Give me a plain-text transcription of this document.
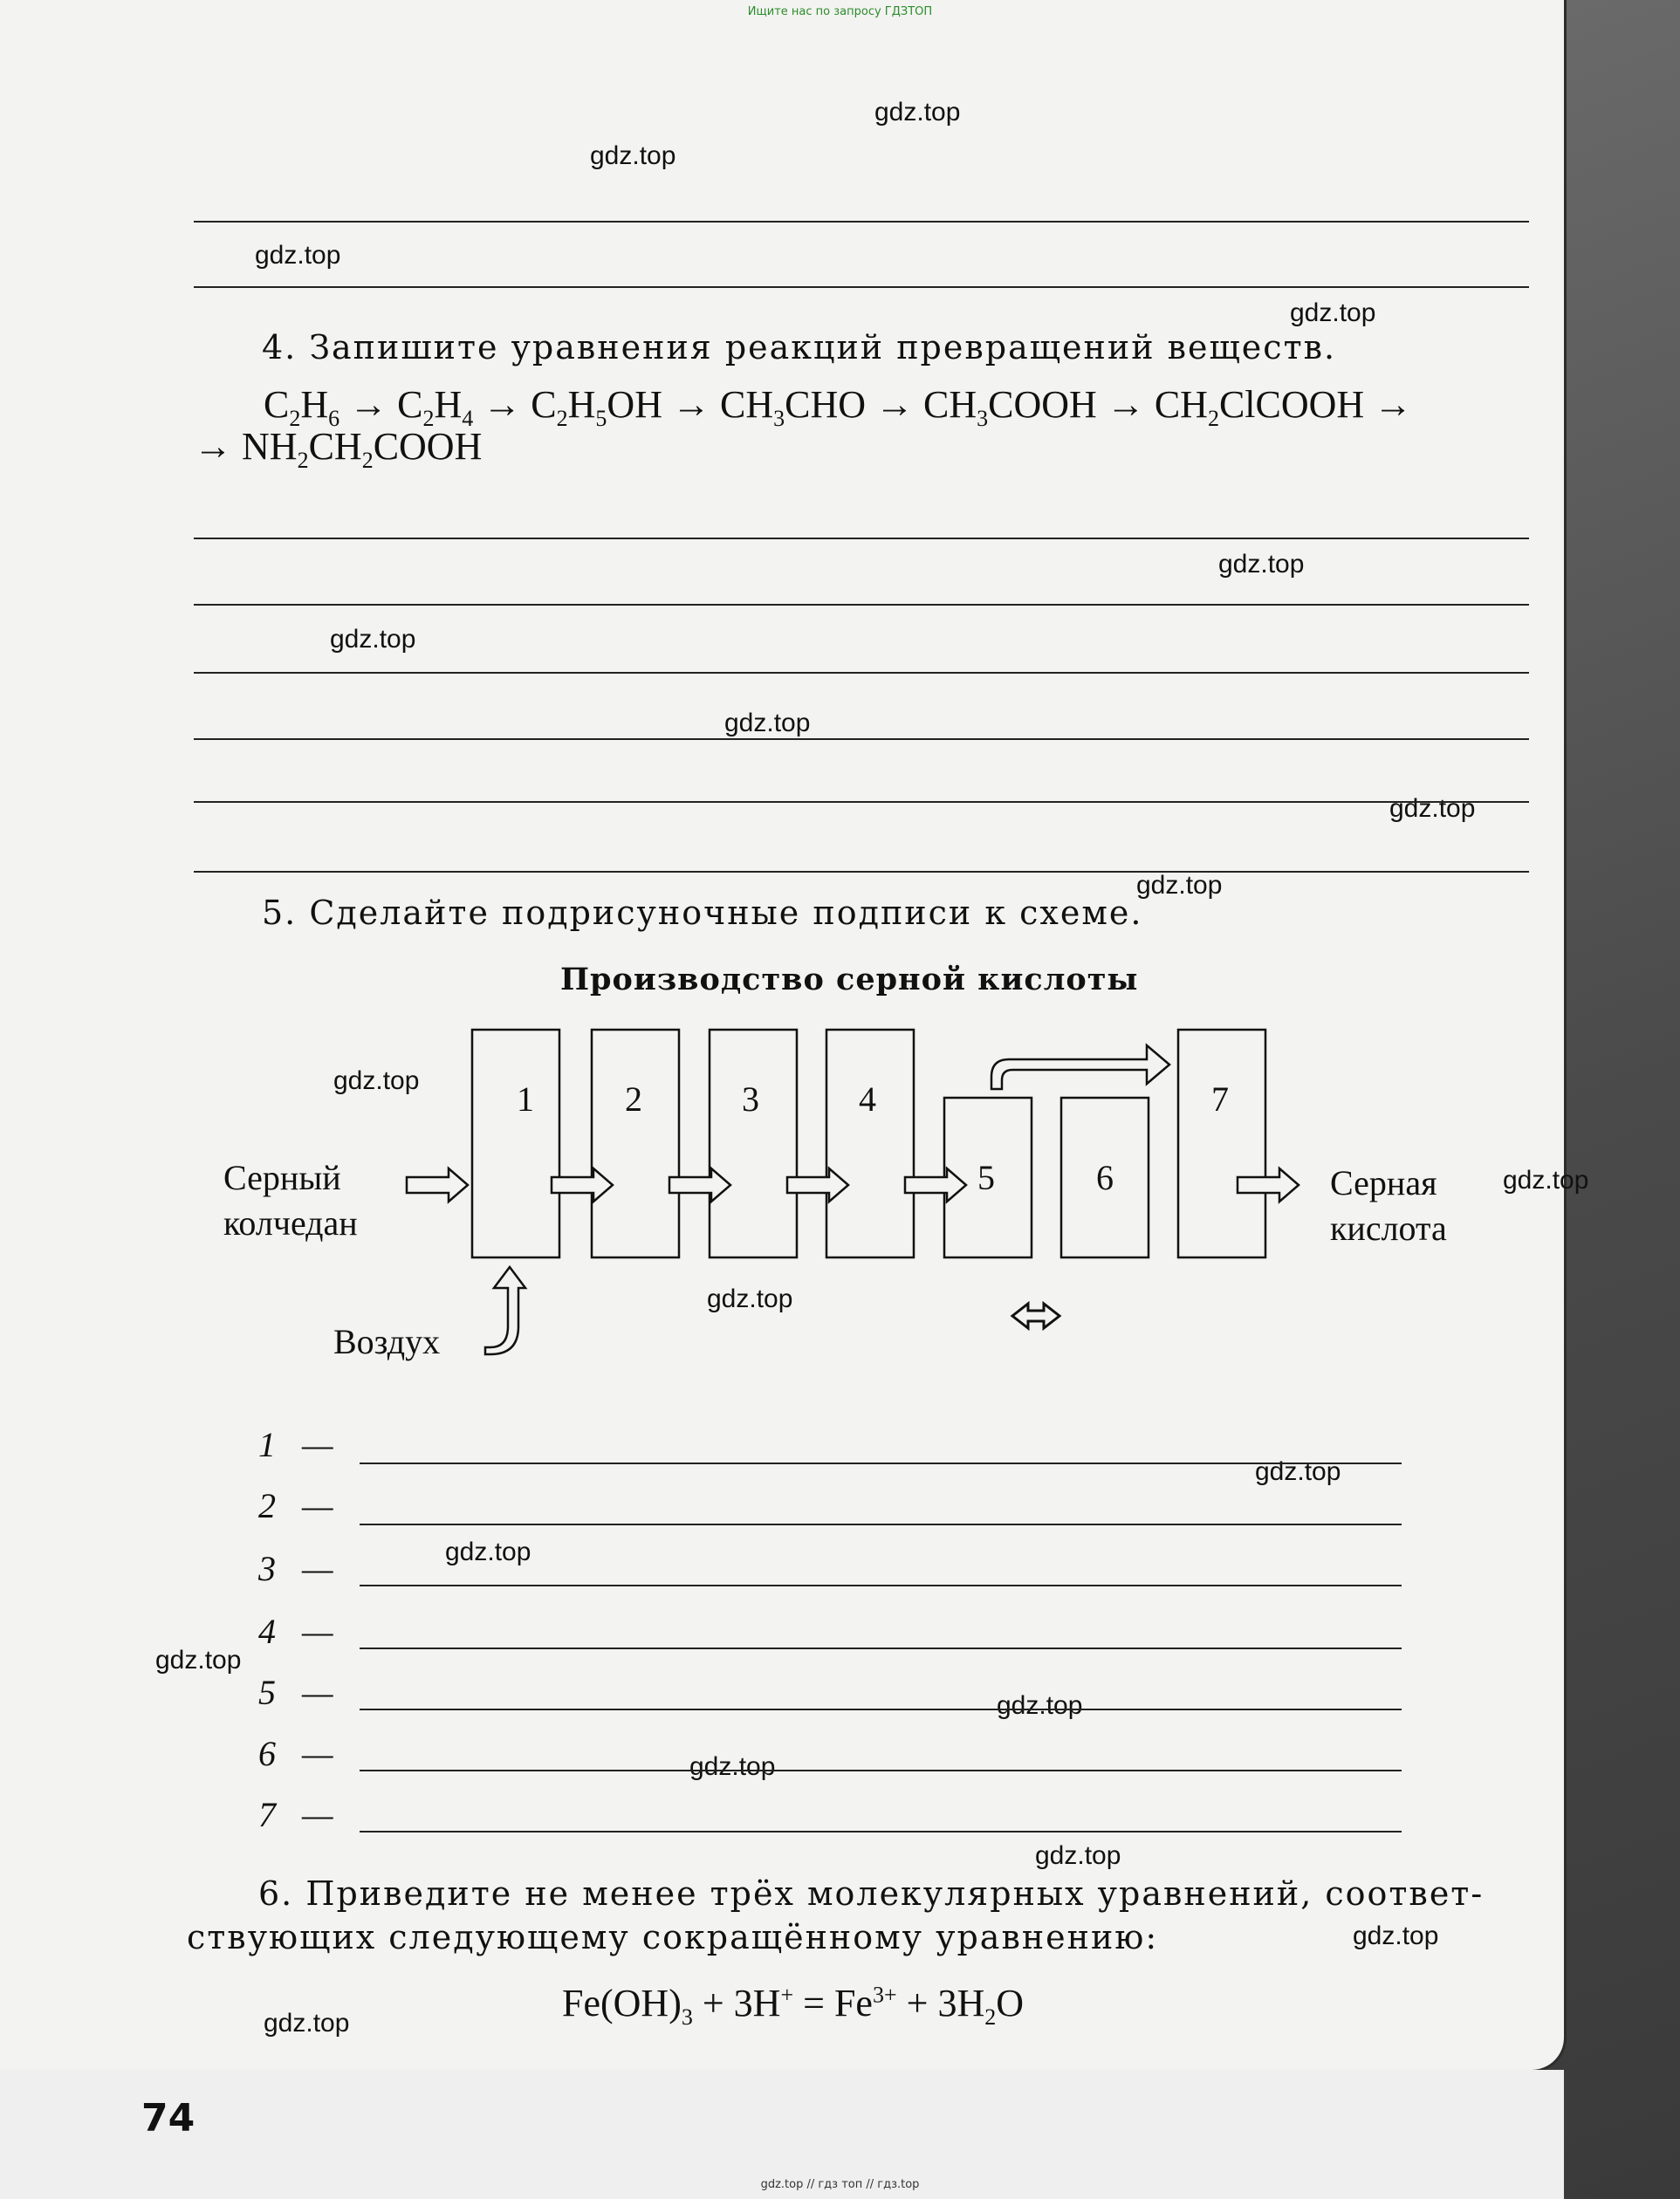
Ищите нас по запросу ГДЗТОП
gdz.top
gdz.top
gdz.top
gdz.top
gdz.top
gdz.top
gdz.top
gdz.top
gdz.top
gdz.top
gdz.top
gdz.top
gdz.top
gdz.top
gdz.top
gdz.top
gdz.top
gdz.top
gdz.top
gdz.top
4. Запишите уравнения реакций превращений веществ.
$C_2H_6 \to C_2H_4 \to C_2H_5OH \to CH_3CHO$ → $CH_3COOH$ → $CH_2ClCOOH$ →
→ $NH_2CH_2COOH$
5. Сделайте подрисуночные подписи к схеме.
Производство серной кислоты
1	2	3	4
5	6
7
Серный
колчедан
Воздух
Серная
кислота
1 —
2 —
3 —
4 —
5 —
6 —
7 —
6. Приведите не менее трёх молекулярных уравнений, соответ-
ствующих следующему сокращённому уравнению:
$Fe(OH)_3 + 3H^+ = Fe^{3+} + 3H_2O$
74
gdz.top // гдз топ // гдз.top
